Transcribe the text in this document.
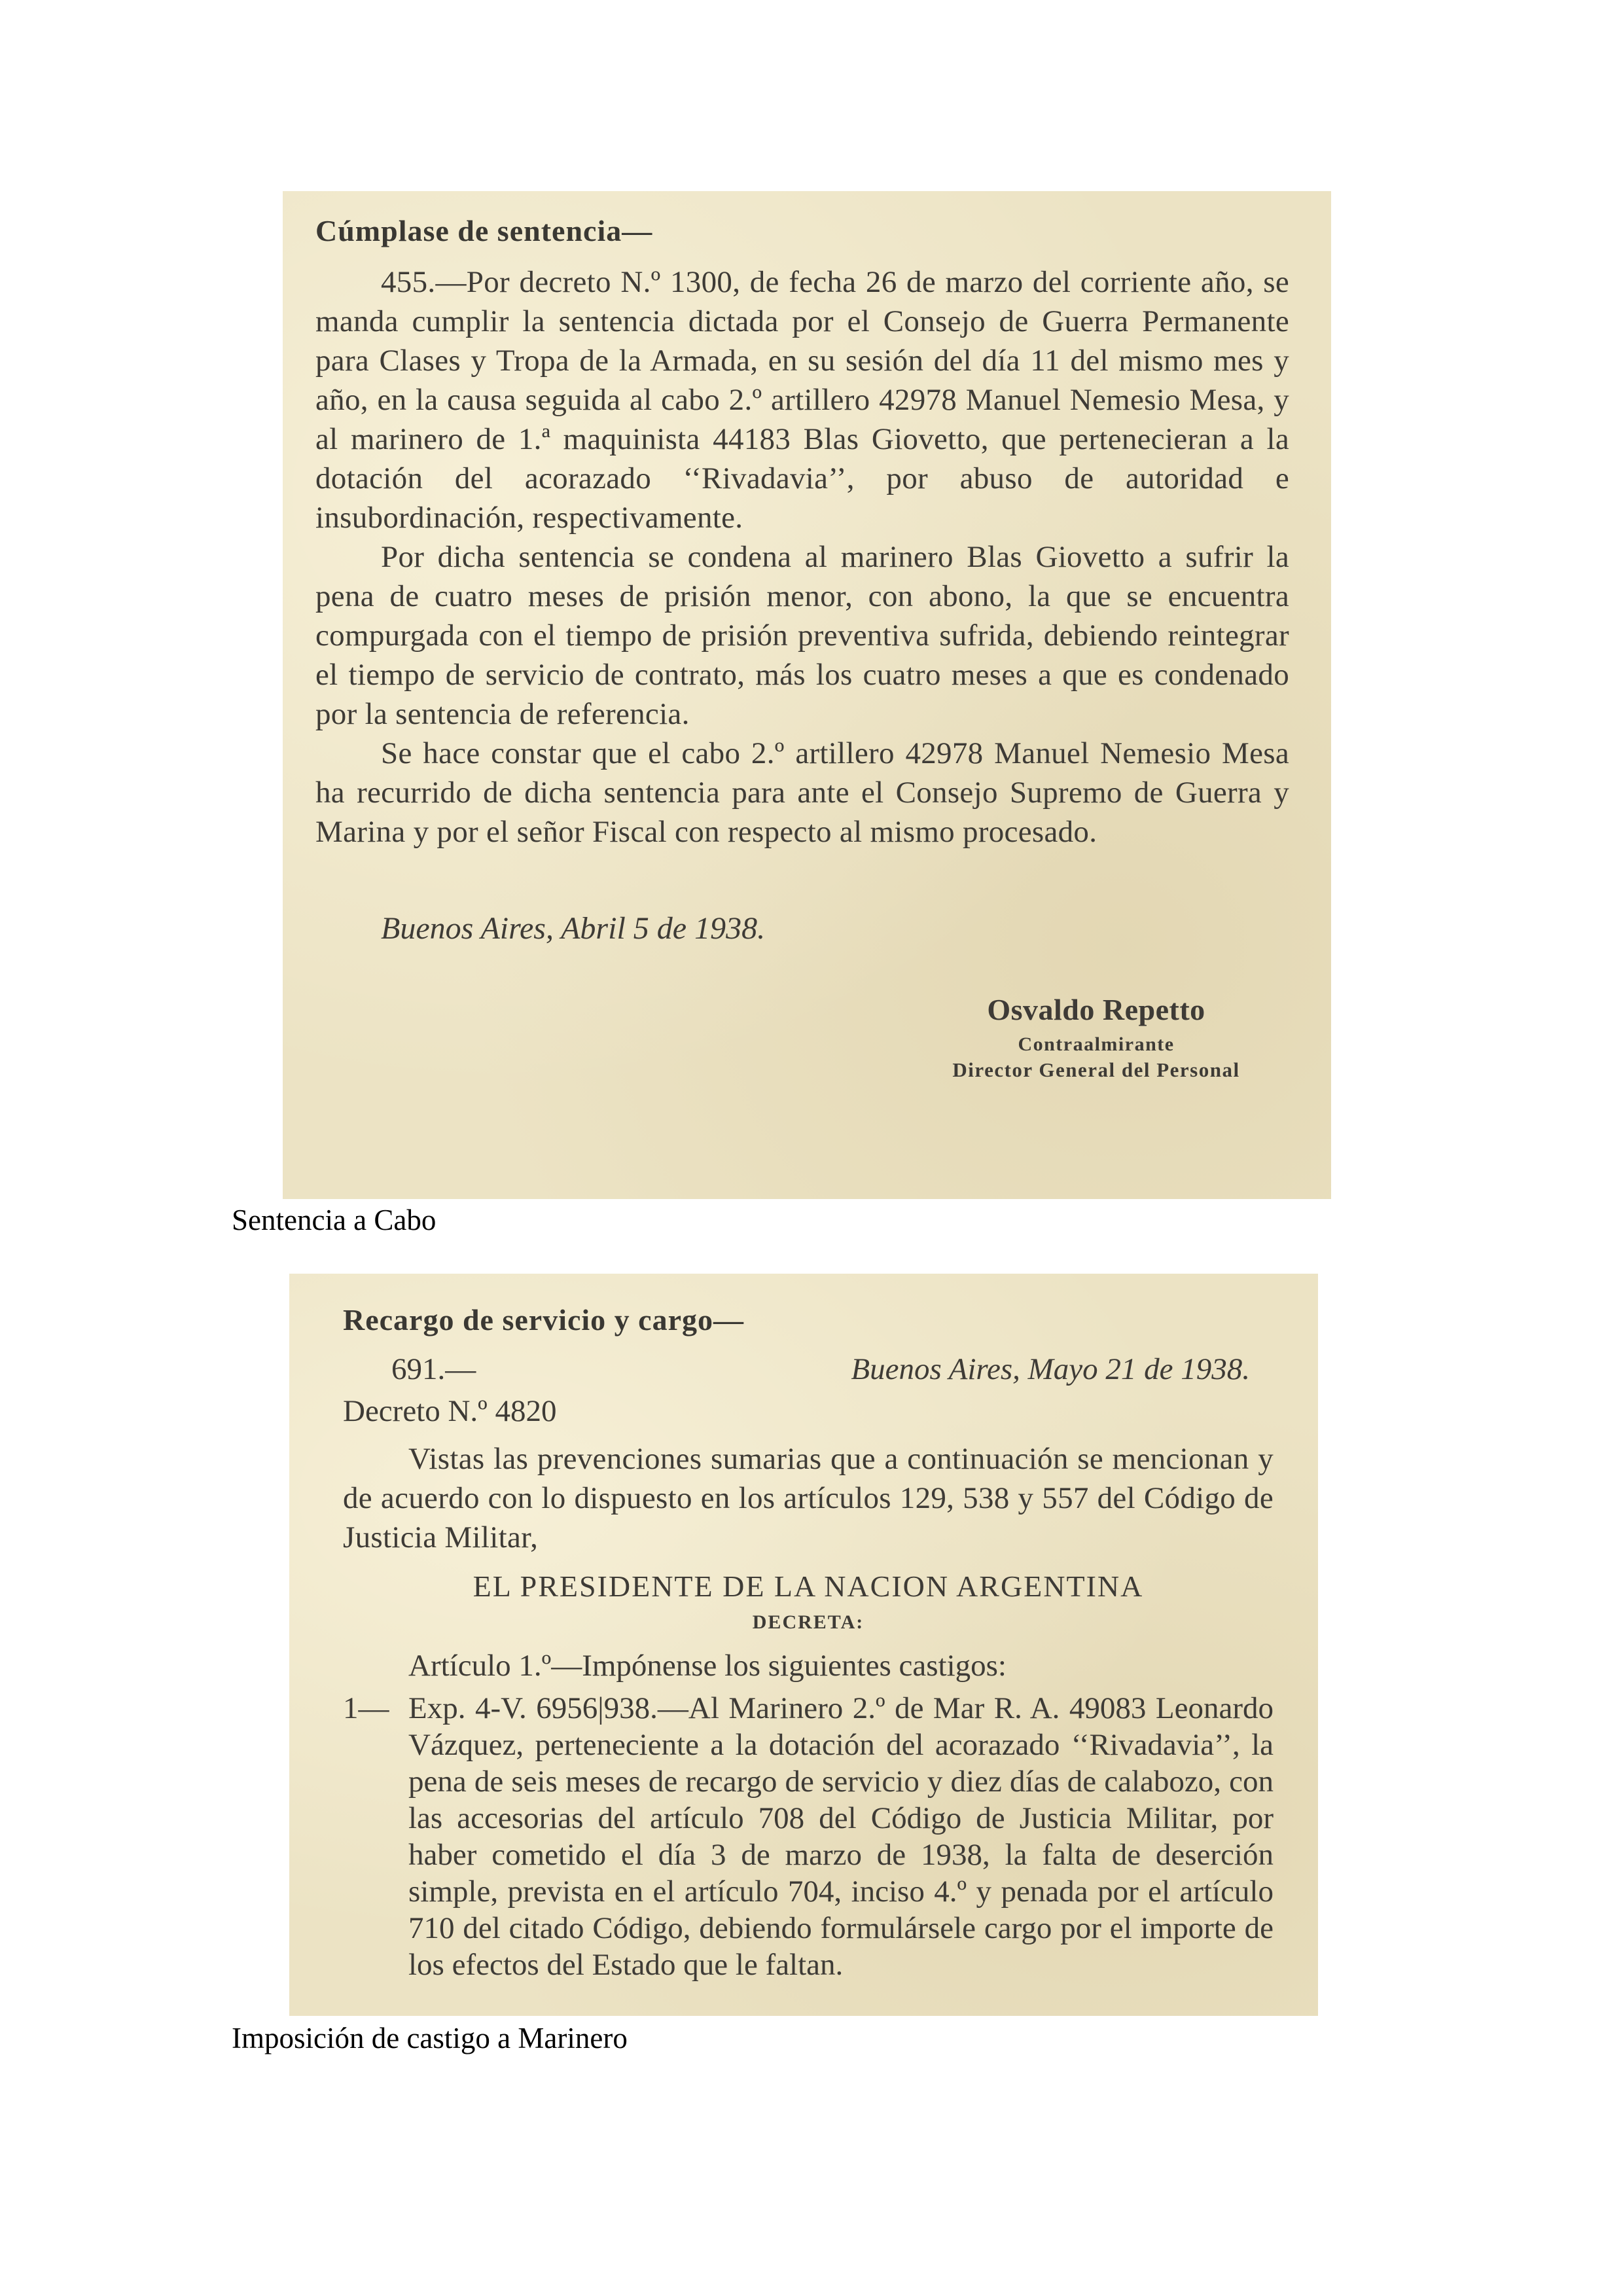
Cúmplase de sentencia—

455.—Por decreto N.º 1300, de fecha 26 de marzo del corriente año, se manda cumplir la sentencia dictada por el Consejo de Guerra Permanente para Clases y Tropa de la Armada, en su sesión del día 11 del mismo mes y año, en la causa seguida al cabo 2.º artillero 42978 Manuel Nemesio Mesa, y al marinero de 1.ª maquinista 44183 Blas Giovetto, que pertenecieran a la dotación del acorazado ‘‘Rivadavia’’, por abuso de autoridad e insubordinación, respectivamente.

Por dicha sentencia se condena al marinero Blas Giovetto a sufrir la pena de cuatro meses de prisión menor, con abono, la que se encuentra compurgada con el tiempo de prisión preventiva sufrida, debiendo reintegrar el tiempo de servicio de contrato, más los cuatro meses a que es condenado por la sentencia de referencia.

Se hace constar que el cabo 2.º artillero 42978 Manuel Nemesio Mesa ha recurrido de dicha sentencia para ante el Consejo Supremo de Guerra y Marina y por el señor Fiscal con respecto al mismo procesado.

Buenos Aires, Abril 5 de 1938.
Osvaldo Repetto
Contraalmirante
Director General del Personal
Sentencia a Cabo
Recargo de servicio y cargo—
691.—	Buenos Aires, Mayo 21 de 1938.
Decreto N.º 4820

Vistas las prevenciones sumarias que a continuación se mencionan y de acuerdo con lo dispuesto en los artículos 129, 538 y 557 del Código de Justicia Militar,

EL PRESIDENTE DE LA NACION ARGENTINA
DECRETA:
Artículo 1.º—Impónense los siguientes castigos:
1— Exp. 4-V. 6956|938.—Al Marinero 2.º de Mar R. A. 49083 Leonardo Vázquez, perteneciente a la dotación del acorazado ‘‘Rivadavia’’, la pena de seis meses de recargo de servicio y diez días de calabozo, con las accesorias del artículo 708 del Código de Justicia Militar, por haber cometido el día 3 de marzo de 1938, la falta de deserción simple, prevista en el artículo 704, inciso 4.º y penada por el artículo 710 del citado Código, debiendo formulársele cargo por el importe de los efectos del Estado que le faltan.
Imposición de castigo a Marinero
